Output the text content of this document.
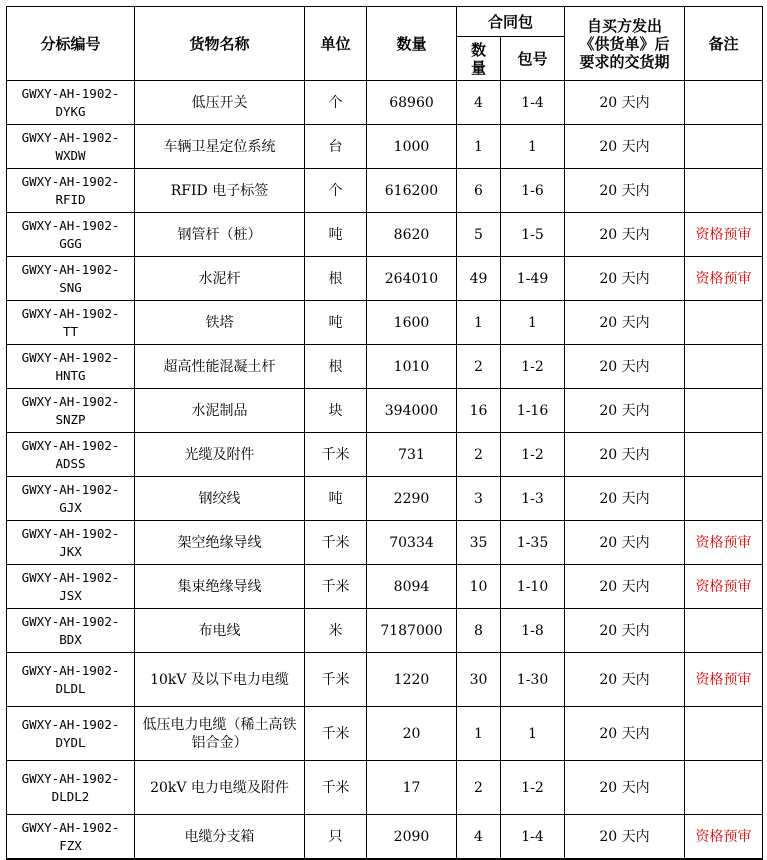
分标编号	货物名称	单位	数量	合同包		自买方发出
《供货单》后
要求的交货期	备注
				数
量	包号		
GWXY-AH-1902-
DYKG	低压开关	个	68960	4	1-4	20 天内	
GWXY-AH-1902-
WXDW	车辆卫星定位系统	台	1000	1	1	20 天内	
GWXY-AH-1902-
RFID	RFID 电子标签	个	616200	6	1-6	20 天内	
GWXY-AH-1902-
GGG	钢管杆（桩）	吨	8620	5	1-5	20 天内	资格预审
GWXY-AH-1902-
SNG	水泥杆	根	264010	49	1-49	20 天内	资格预审
GWXY-AH-1902-
TT	铁塔	吨	1600	1	1	20 天内	
GWXY-AH-1902-
HNTG	超高性能混凝土杆	根	1010	2	1-2	20 天内	
GWXY-AH-1902-
SNZP	水泥制品	块	394000	16	1-16	20 天内	
GWXY-AH-1902-
ADSS	光缆及附件	千米	731	2	1-2	20 天内	
GWXY-AH-1902-
GJX	钢绞线	吨	2290	3	1-3	20 天内	
GWXY-AH-1902-
JKX	架空绝缘导线	千米	70334	35	1-35	20 天内	资格预审
GWXY-AH-1902-
JSX	集束绝缘导线	千米	8094	10	1-10	20 天内	资格预审
GWXY-AH-1902-
BDX	布电线	米	7187000	8	1-8	20 天内	
GWXY-AH-1902-
DLDL	10kV 及以下电力电缆	千米	1220	30	1-30	20 天内	资格预审
GWXY-AH-1902-
DYDL	低压电力电缆（稀土高铁铝合金）	千米	20	1	1	20 天内	
GWXY-AH-1902-
DLDL2	20kV 电力电缆及附件	千米	17	2	1-2	20 天内	
GWXY-AH-1902-
FZX	电缆分支箱	只	2090	4	1-4	20 天内	资格预审
